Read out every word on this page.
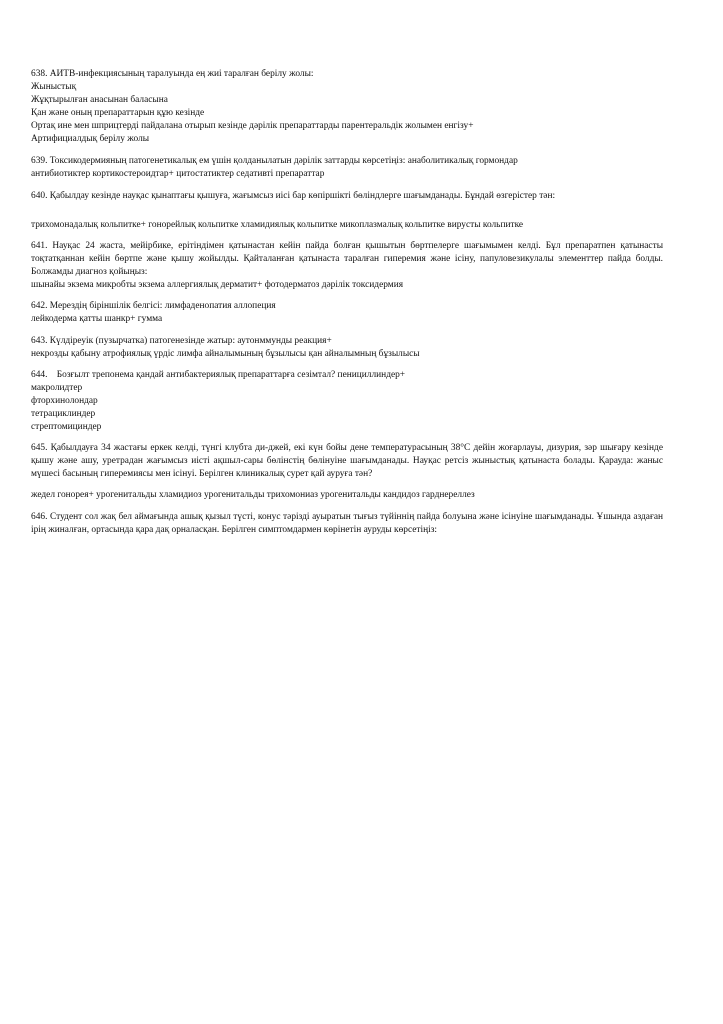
638. АИТВ-инфекциясының таралуында ең жиі таралған берілу жолы:
Жыныстық
Жұқтырылған анасынан баласына
Қан және оның препараттарын құю кезінде
Ортақ ине мен шприцтерді пайдалана отырып кезінде дәрілік препараттарды парентеральдік жолымен енгізу+
Артифициалдық берілу жолы
639. Токсикодермияның патогенетикалық ем үшін қолданылатын дәрілік заттарды көрсетіңіз: анаболитикалық гормондар
антибиотиктер кортикостероидтар+ цитостатиктер седативті препараттар
640. Қабылдау кезінде науқас қынаптағы қышуға, жағымсыз иісі бар көпіршікті бөліндлерге шағымданады. Бұндай өзгерістер тән:
трихомонадалық кольпитке+ гонорейлық кольпитке хламидиялық кольпитке микоплазмалық кольпитке вирусты кольпитке
641. Науқас 24 жаста, мейірбике, ерітіндімен қатынастан кейін пайда болған қышытын бөртпелерге шағымымен келді. Бұл препаратпен қатынасты тоқтатқаннан кейін бөртпе және қышу жойылды. Қайталанған қатынаста таралған гиперемия және ісіну, папуловезикулалы элементтер пайда болды. Болжамды диагноз қойыңыз:
шынайы экзема микробты экзема аллергиялық дерматит+ фотодерматоз дәрілік токсидермия
642. Мерездің біріншілік белгісі: лимфаденопатия аллопеция
лейкодерма қатты шанкр+ гумма
643. Күлдіреуік (пузырчатка) патогенезінде жатыр: аутонммунды реакция+
некрозды қабыну атрофиялық үрдіс лимфа айналымының бұзылысы қан айналымның бұзылысы
644.    Бозғылт трепонема қандай антибактериялық препараттарға сезімтал? пенициллиндер+
макролидтер
фторхинолондар
тетрациклиндер
стрептомициндер
645. Қабылдауға 34 жастағы еркек келді, түнгі клубта ди-джей, екі күн бойы дене температурасының 38°С дейін жоғарлауы, дизурия, зәр шығару кезінде қышу және ашу, уретрадан жағымсыз иісті ақшыл-сары бөлінстің бөлінуіне шағымданады. Науқас ретсіз жыныстық қатынаста болады. Қарауда: жаныс мүшесі басының гиперемиясы мен ісінуі. Берілген клиникалық сурет қай ауруға тән?
жедел гонорея+ урогенитальды хламидиоз урогенитальды трихомониаз урогенитальды кандидоз гарднереллез
646. Студент сол жақ бел аймағында ашық қызыл түсті, конус тәрізді ауыратын тығыз түйіннің пайда болуына және ісінуіне шағымданады. Ұшында аздаған ірің жиналған, ортасында қара дақ орналасқан. Берілген симптомдармен көрінетін ауруды көрсетіңіз:
